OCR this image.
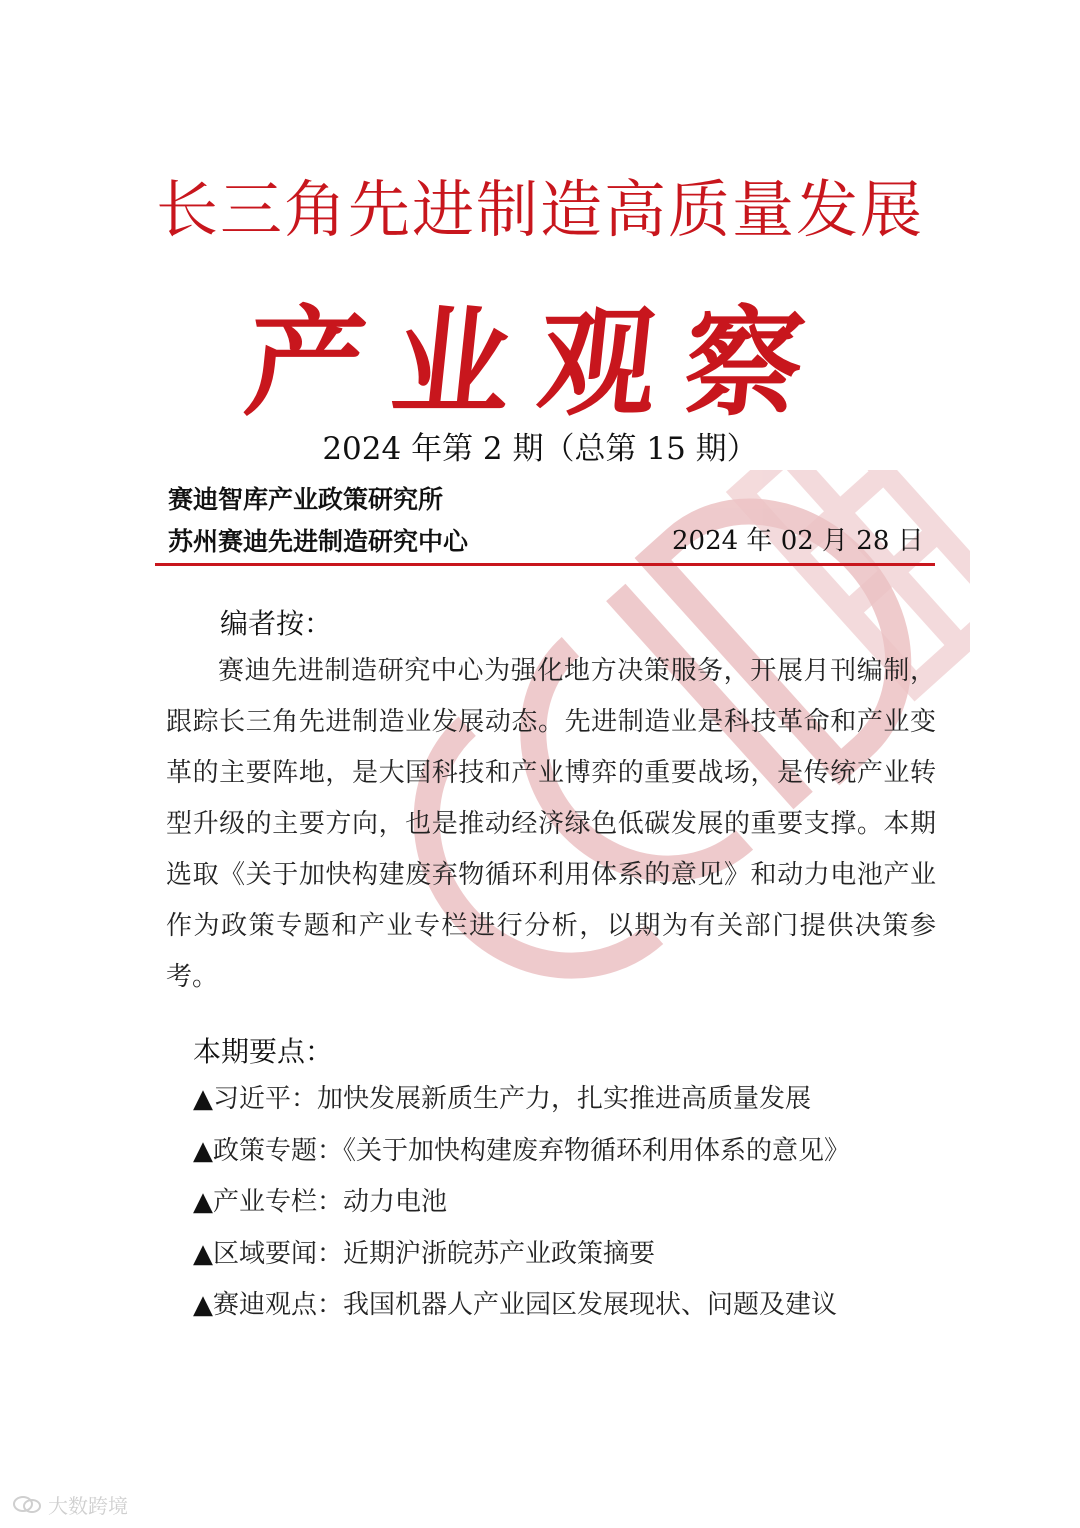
长三角先进制造高质量发展
产业观察
2024 年第 2 期（总第 15 期）
赛迪智库产业政策研究所
苏州赛迪先进制造研究中心	2024 年 02 月 28 日
编者按：

赛迪先进制造研究中心为强化地方决策服务，开展月刊编制，跟踪长三角先进制造业发展动态。先进制造业是科技革命和产业变革的主要阵地，是大国科技和产业博弈的重要战场，是传统产业转型升级的主要方向，也是推动经济绿色低碳发展的重要支撑。本期选取《关于加快构建废弃物循环利用体系的意见》和动力电池产业作为政策专题和产业专栏进行分析，以期为有关部门提供决策参考。

本期要点：
▲习近平：加快发展新质生产力，扎实推进高质量发展
▲政策专题：《关于加快构建废弃物循环利用体系的意见》
▲产业专栏：动力电池
▲区域要闻：近期沪浙皖苏产业政策摘要
▲赛迪观点：我国机器人产业园区发展现状、问题及建议
大数跨境
